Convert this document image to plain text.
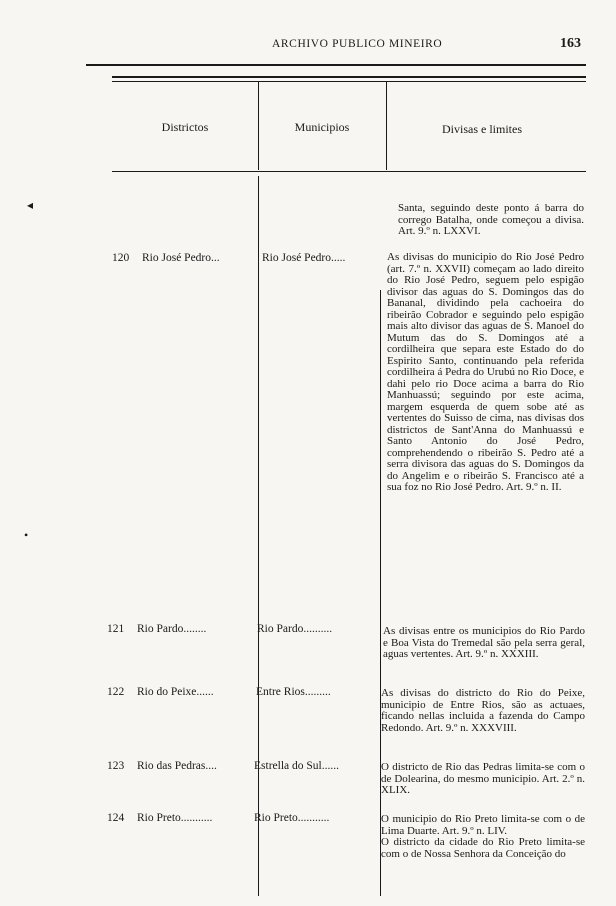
ARCHIVO PUBLICO MINEIRO	163
Districtos	Municipios	Divisas e limites
◂
•

Santa, seguindo deste ponto á barra do corrego Batalha, onde começou a divisa. Art. 9.º n. LXXVI.

120 Rio José Pedro...	Rio José Pedro.....	As divisas do municipio do Rio José Pedro (art. 7.º n. XXVII) começam ao lado direito do Rio José Pedro, seguem pelo espigão divisor das aguas do S. Domingos das do Bananal, dividindo pela cachoeira do ribeirão Cobrador e seguindo pelo espigão mais alto divisor das aguas de S. Manoel do Mutum das do S. Domingos até a cordilheira que separa este Estado do do Espirito Santo, continuando pela referida cordilheira á Pedra do Urubú no Rio Doce, e dahi pelo rio Doce acima a barra do Rio Manhuassú; seguindo por este acima, margem esquerda de quem sobe até as vertentes do Suisso de cima, nas divisas dos districtos de Sant'Anna do Manhuassú e Santo Antonio do José Pedro, comprehendendo o ribeirão S. Pedro até a serra divisora das aguas do S. Domingos da do Angelim e o ribeirão S. Francisco até a sua foz no Rio José Pedro. Art. 9.º n. II.

121 Rio Pardo........	Rio Pardo..........	As divisas entre os municipios do Rio Pardo e Boa Vista do Tremedal são pela serra geral, aguas vertentes. Art. 9.º n. XXXIII.

122 Rio do Peixe......	Entre Rios.........	As divisas do districto do Rio do Peixe, municipio de Entre Rios, são as actuaes, ficando nellas incluida a fazenda do Campo Redondo. Art. 9.º n. XXXVIII.

123 Rio das Pedras....	Estrella do Sul......	O districto de Rio das Pedras limita-se com o de Dolearina, do mesmo municipio. Art. 2.º n. XLIX.

124 Rio Preto...........	Rio Preto...........	O municipio do Rio Preto limita-se com o de Lima Duarte. Art. 9.º n. LIV.

O districto da cidade do Rio Preto limita-se com o de Nossa Senhora da Conceição do
